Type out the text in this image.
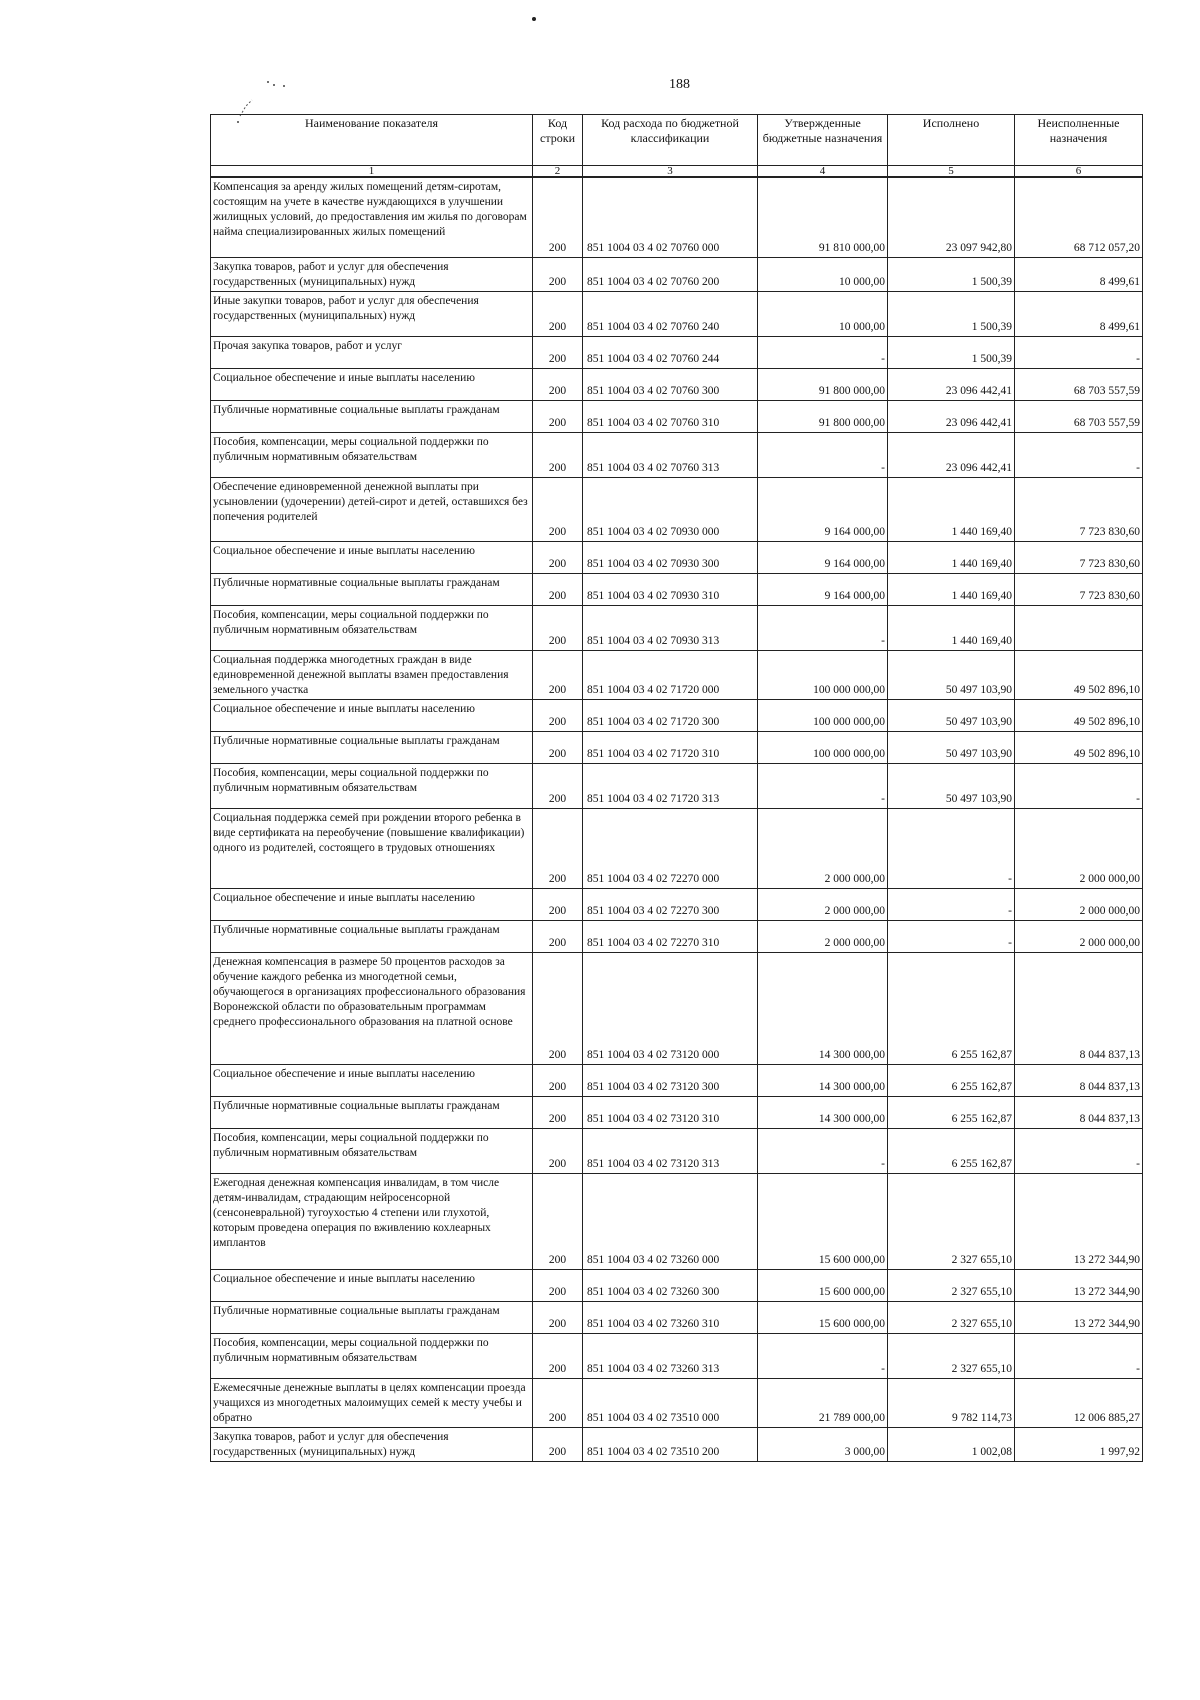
188
Наименование показателя	Код строки	Код расхода по бюджетной классификации	Утвержденные бюджетные назначения	Исполнено	Неисполненные назначения
1	2	3	4	5	6
Компенсация за аренду жилых помещений детям-сиротам, состоящим на учете в качестве нуждающихся в улучшении жилищных условий, до предоставления им жилья по договорам найма специализированных жилых помещений	200	851 1004 03 4 02 70760 000	91 810 000,00	23 097 942,80	68 712 057,20
Закупка товаров, работ и услуг для обеспечения государственных (муниципальных) нужд	200	851 1004 03 4 02 70760 200	10 000,00	1 500,39	8 499,61
Иные закупки товаров, работ и услуг для обеспечения государственных (муниципальных) нужд	200	851 1004 03 4 02 70760 240	10 000,00	1 500,39	8 499,61
Прочая закупка товаров, работ и услуг	200	851 1004 03 4 02 70760 244	-	1 500,39	-
Социальное обеспечение и иные выплаты населению	200	851 1004 03 4 02 70760 300	91 800 000,00	23 096 442,41	68 703 557,59
Публичные нормативные социальные выплаты гражданам	200	851 1004 03 4 02 70760 310	91 800 000,00	23 096 442,41	68 703 557,59
Пособия, компенсации, меры социальной поддержки по публичным нормативным обязательствам	200	851 1004 03 4 02 70760 313	-	23 096 442,41	-
Обеспечение единовременной денежной выплаты при усыновлении (удочерении) детей-сирот и детей, оставшихся без попечения родителей	200	851 1004 03 4 02 70930 000	9 164 000,00	1 440 169,40	7 723 830,60
Социальное обеспечение и иные выплаты населению	200	851 1004 03 4 02 70930 300	9 164 000,00	1 440 169,40	7 723 830,60
Публичные нормативные социальные выплаты гражданам	200	851 1004 03 4 02 70930 310	9 164 000,00	1 440 169,40	7 723 830,60
Пособия, компенсации, меры социальной поддержки по публичным нормативным обязательствам	200	851 1004 03 4 02 70930 313	-	1 440 169,40	
Социальная поддержка многодетных граждан в виде единовременной денежной выплаты взамен предоставления земельного участка	200	851 1004 03 4 02 71720 000	100 000 000,00	50 497 103,90	49 502 896,10
Социальное обеспечение и иные выплаты населению	200	851 1004 03 4 02 71720 300	100 000 000,00	50 497 103,90	49 502 896,10
Публичные нормативные социальные выплаты гражданам	200	851 1004 03 4 02 71720 310	100 000 000,00	50 497 103,90	49 502 896,10
Пособия, компенсации, меры социальной поддержки по публичным нормативным обязательствам	200	851 1004 03 4 02 71720 313	-	50 497 103,90	-
Социальная поддержка семей при рождении второго ребенка в виде сертификата на переобучение (повышение квалификации) одного из родителей, состоящего в трудовых отношениях	200	851 1004 03 4 02 72270 000	2 000 000,00	-	2 000 000,00
Социальное обеспечение и иные выплаты населению	200	851 1004 03 4 02 72270 300	2 000 000,00	-	2 000 000,00
Публичные нормативные социальные выплаты гражданам	200	851 1004 03 4 02 72270 310	2 000 000,00	-	2 000 000,00
Денежная компенсация в размере 50 процентов расходов за обучение каждого ребенка из многодетной семьи, обучающегося в организациях профессионального образования Воронежской области по образовательным программам среднего профессионального образования на платной основе	200	851 1004 03 4 02 73120 000	14 300 000,00	6 255 162,87	8 044 837,13
Социальное обеспечение и иные выплаты населению	200	851 1004 03 4 02 73120 300	14 300 000,00	6 255 162,87	8 044 837,13
Публичные нормативные социальные выплаты гражданам	200	851 1004 03 4 02 73120 310	14 300 000,00	6 255 162,87	8 044 837,13
Пособия, компенсации, меры социальной поддержки по публичным нормативным обязательствам	200	851 1004 03 4 02 73120 313	-	6 255 162,87	-
Ежегодная денежная компенсация инвалидам, в том числе детям-инвалидам, страдающим нейросенсорной (сенсоневральной) тугоухостью 4 степени или глухотой, которым проведена операция по вживлению кохлеарных имплантов	200	851 1004 03 4 02 73260 000	15 600 000,00	2 327 655,10	13 272 344,90
Социальное обеспечение и иные выплаты населению	200	851 1004 03 4 02 73260 300	15 600 000,00	2 327 655,10	13 272 344,90
Публичные нормативные социальные выплаты гражданам	200	851 1004 03 4 02 73260 310	15 600 000,00	2 327 655,10	13 272 344,90
Пособия, компенсации, меры социальной поддержки по публичным нормативным обязательствам	200	851 1004 03 4 02 73260 313	-	2 327 655,10	-
Ежемесячные денежные выплаты в целях компенсации проезда учащихся из многодетных малоимущих семей к месту учебы и обратно	200	851 1004 03 4 02 73510 000	21 789 000,00	9 782 114,73	12 006 885,27
Закупка товаров, работ и услуг для обеспечения государственных (муниципальных) нужд	200	851 1004 03 4 02 73510 200	3 000,00	1 002,08	1 997,92
